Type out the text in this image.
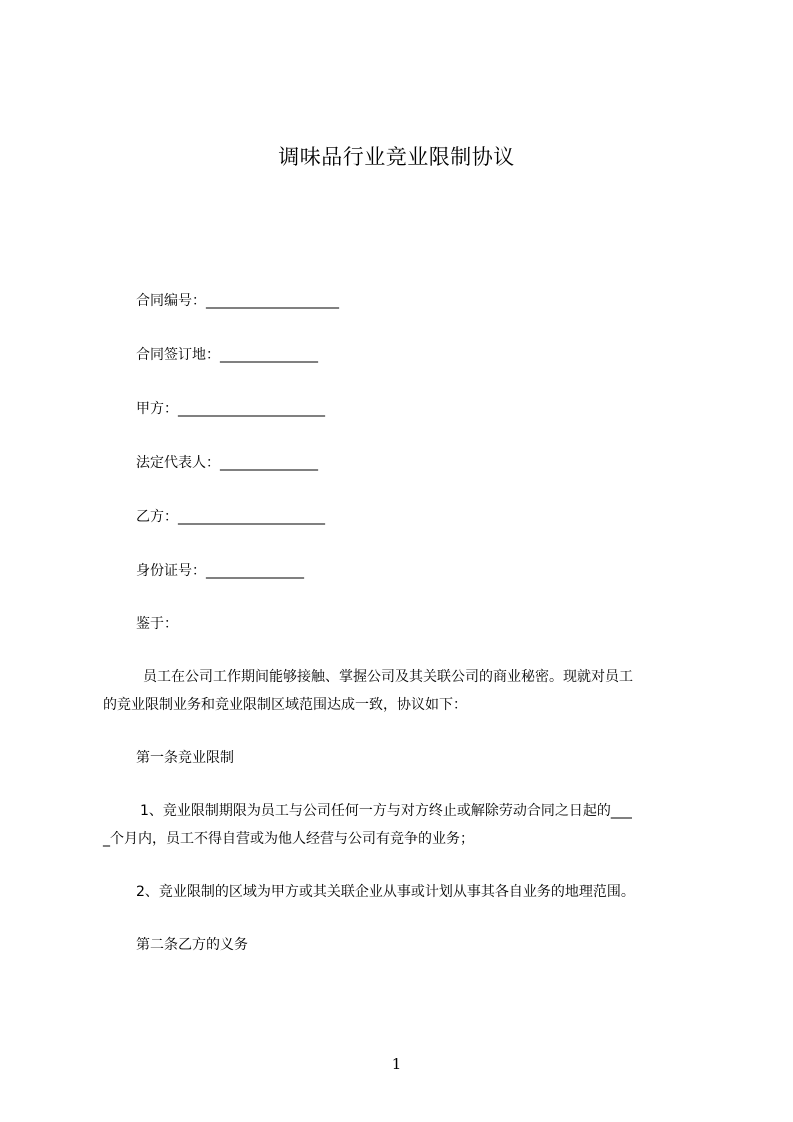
调味品行业竞业限制协议
合同编号：___________________
合同签订地：______________
甲方：_____________________
法定代表人：______________
乙方：_____________________
身份证号：______________
鉴于：
员工在公司工作期间能够接触、掌握公司及其关联公司的商业秘密。现就对员工
的竞业限制业务和竞业限制区域范围达成一致，协议如下：
第一条竞业限制
1、竞业限制期限为员工与公司任何一方与对方终止或解除劳动合同之日起的___
_个月内，员工不得自营或为他人经营与公司有竞争的业务；
2、竞业限制的区域为甲方或其关联企业从事或计划从事其各自业务的地理范围。
第二条乙方的义务
1
